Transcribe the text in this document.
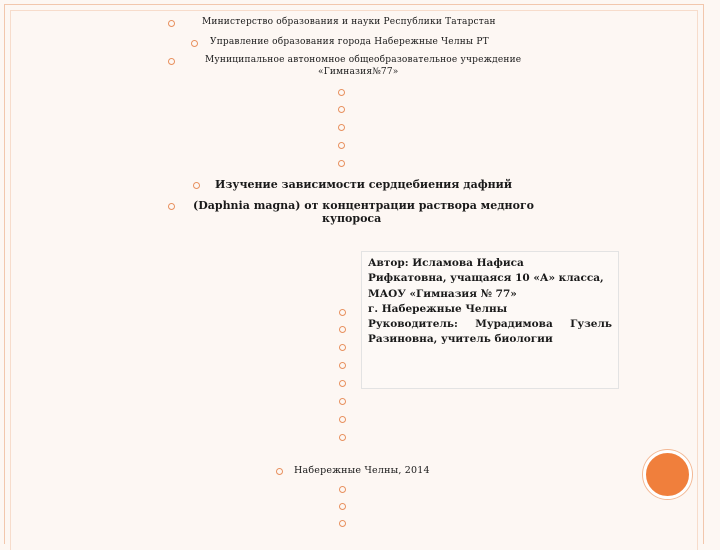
Министерство образования и науки Республики Татарстан
Управление образования города Набережные Челны РТ
Муниципальное автономное общеобразовательное учреждение
«Гимназия№77»
Изучение зависимости сердцебиения дафний
(Daphnia magna) от концентрации раствора медного
купороса
Автор: Исламова Нафиса
Рифкатовна, учащаяся 10 «А» класса,
МАОУ «Гимназия № 77»
г. Набережные Челны
Руководитель: Мурадимова Гузель
Разиновна, учитель биологии
Набережные Челны, 2014
